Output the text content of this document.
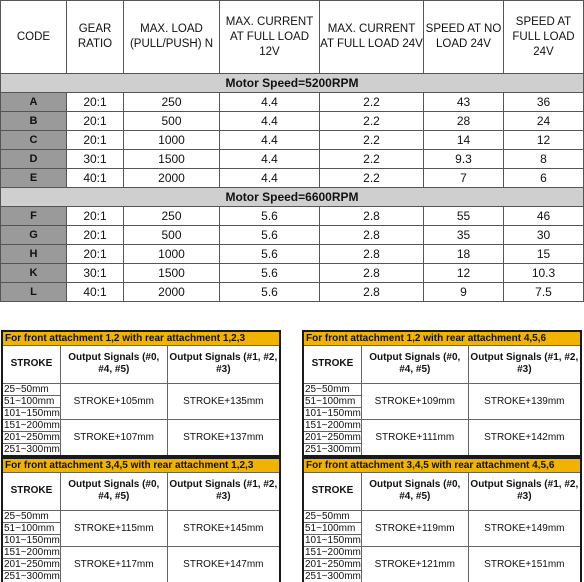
CODE	GEAR RATIO	MAX. LOAD (PULL/PUSH) N	MAX. CURRENT AT FULL LOAD 12V	MAX. CURRENT AT FULL LOAD 24V	SPEED AT NO LOAD 24V	SPEED AT FULL LOAD 24V
Motor Speed=5200RPM						
A	20:1	250	4.4	2.2	43	36
B	20:1	500	4.4	2.2	28	24
C	20:1	1000	4.4	2.2	14	12
D	30:1	1500	4.4	2.2	9.3	8
E	40:1	2000	4.4	2.2	7	6
Motor Speed=6600RPM						
F	20:1	250	5.6	2.8	55	46
G	20:1	500	5.6	2.8	35	30
H	20:1	1000	5.6	2.8	18	15
K	30:1	1500	5.6	2.8	12	10.3
L	40:1	2000	5.6	2.8	9	7.5
For front attachment 1,2 with rear attachment 1,2,3		
STROKE	Output Signals (#0, #4, #5)	Output Signals (#1, #2, #3)
25~50mm	STROKE+105mm	STROKE+135mm
51~100mm		
101~150mm		
151~200mm	STROKE+107mm	STROKE+137mm
201~250mm		
251~300mm		
For front attachment 1,2 with rear attachment 4,5,6		
STROKE	Output Signals (#0, #4, #5)	Output Signals (#1, #2, #3)
25~50mm	STROKE+109mm	STROKE+139mm
51~100mm		
101~150mm		
151~200mm	STROKE+111mm	STROKE+142mm
201~250mm		
251~300mm		
For front attachment 3,4,5 with rear attachment 1,2,3		
STROKE	Output Signals (#0, #4, #5)	Output Signals (#1, #2, #3)
25~50mm	STROKE+115mm	STROKE+145mm
51~100mm		
101~150mm		
151~200mm	STROKE+117mm	STROKE+147mm
201~250mm		
251~300mm		
For front attachment 3,4,5 with rear attachment 4,5,6		
STROKE	Output Signals (#0, #4, #5)	Output Signals (#1, #2, #3)
25~50mm	STROKE+119mm	STROKE+149mm
51~100mm		
101~150mm		
151~200mm	STROKE+121mm	STROKE+151mm
201~250mm		
251~300mm		
